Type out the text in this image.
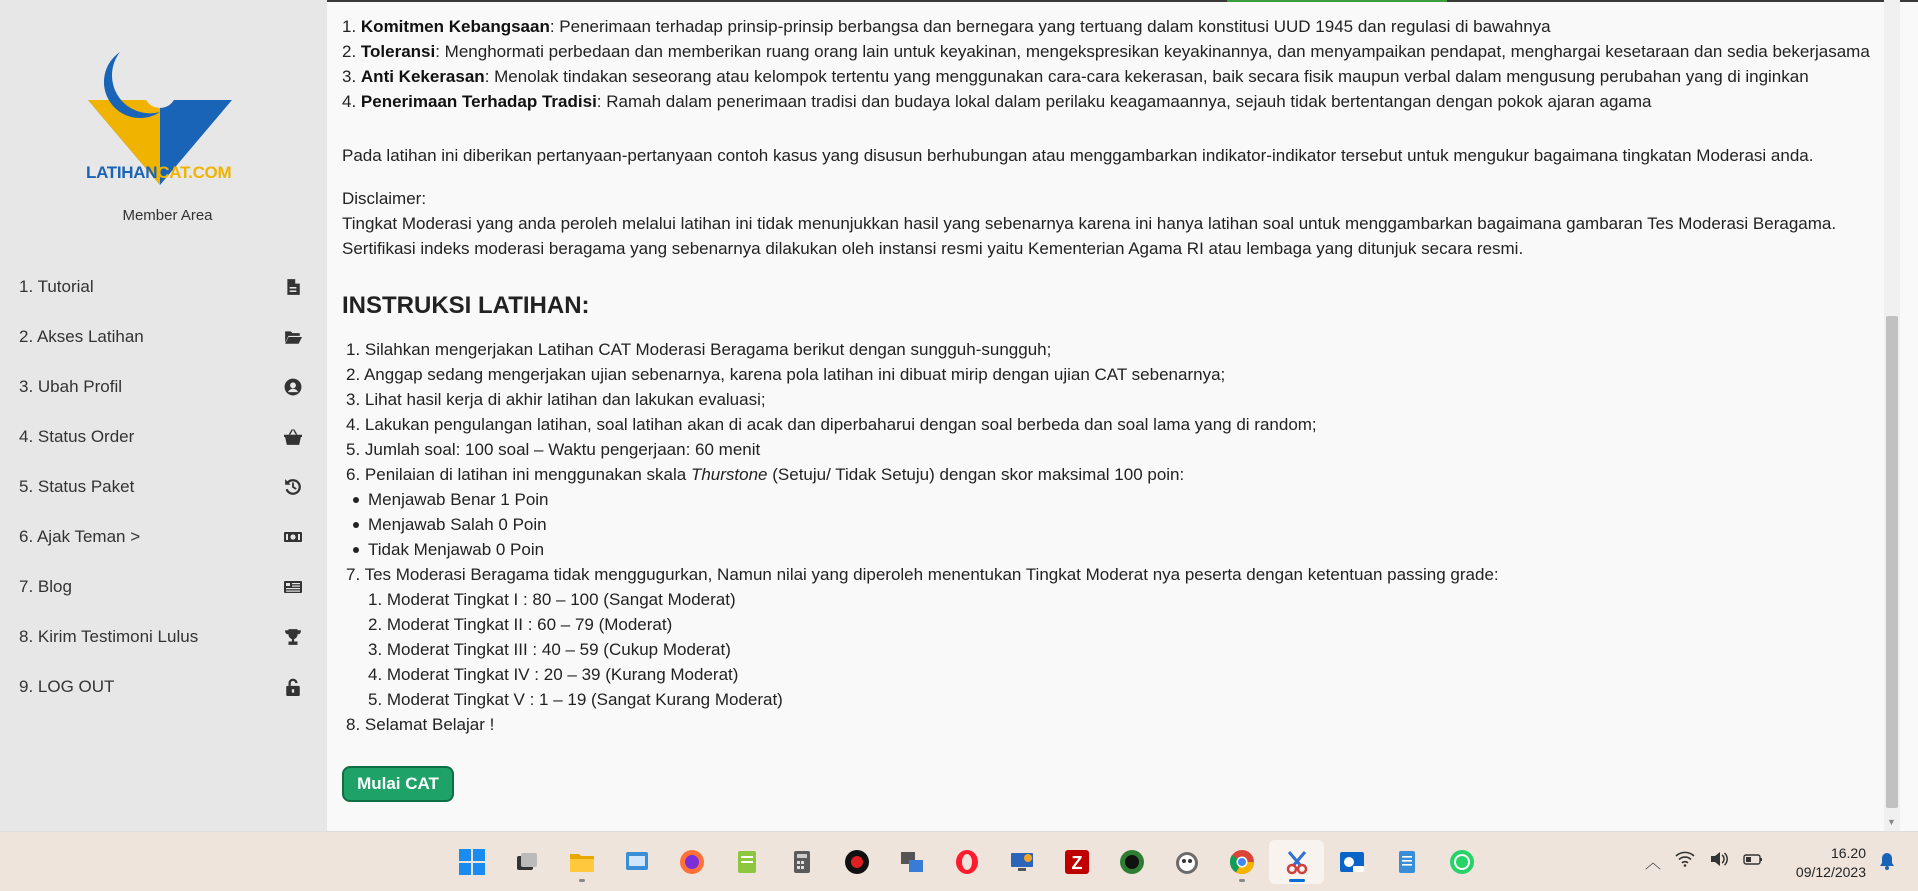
LATIHANCAT.COM
Member Area
1. Tutorial
2. Akses Latihan
3. Ubah Profil
4. Status Order
5. Status Paket
6. Ajak Teman >
7. Blog
8. Kirim Testimoni Lulus
9. LOG OUT
1. Komitmen Kebangsaan: Penerimaan terhadap prinsip-prinsip berbangsa dan bernegara yang tertuang dalam konstitusi UUD 1945 dan regulasi di bawahnya
2. Toleransi: Menghormati perbedaan dan memberikan ruang orang lain untuk keyakinan, mengekspresikan keyakinannya, dan menyampaikan pendapat, menghargai kesetaraan dan sedia bekerjasama
3. Anti Kekerasan: Menolak tindakan seseorang atau kelompok tertentu yang menggunakan cara-cara kekerasan, baik secara fisik maupun verbal dalam mengusung perubahan yang di inginkan
4. Penerimaan Terhadap Tradisi: Ramah dalam penerimaan tradisi dan budaya lokal dalam perilaku keagamaannya, sejauh tidak bertentangan dengan pokok ajaran agama
Pada latihan ini diberikan pertanyaan-pertanyaan contoh kasus yang disusun berhubungan atau menggambarkan indikator-indikator tersebut untuk mengukur bagaimana tingkatan Moderasi anda.
Disclaimer:
Tingkat Moderasi yang anda peroleh melalui latihan ini tidak menunjukkan hasil yang sebenarnya karena ini hanya latihan soal untuk menggambarkan bagaimana gambaran Tes Moderasi Beragama.
Sertifikasi indeks moderasi beragama yang sebenarnya dilakukan oleh instansi resmi yaitu Kementerian Agama RI atau lembaga yang ditunjuk secara resmi.
INSTRUKSI LATIHAN:
1. Silahkan mengerjakan Latihan CAT Moderasi Beragama berikut dengan sungguh-sungguh;
2. Anggap sedang mengerjakan ujian sebenarnya, karena pola latihan ini dibuat mirip dengan ujian CAT sebenarnya;
3. Lihat hasil kerja di akhir latihan dan lakukan evaluasi;
4. Lakukan pengulangan latihan, soal latihan akan di acak dan diperbaharui dengan soal berbeda dan soal lama yang di random;
5. Jumlah soal: 100 soal – Waktu pengerjaan: 60 menit
6. Penilaian di latihan ini menggunakan skala Thurstone (Setuju/ Tidak Setuju) dengan skor maksimal 100 poin:
Menjawab Benar 1 Poin
Menjawab Salah 0 Poin
Tidak Menjawab 0 Poin
7. Tes Moderasi Beragama tidak menggugurkan, Namun nilai yang diperoleh menentukan Tingkat Moderat nya peserta dengan ketentuan passing grade:
1. Moderat Tingkat I : 80 – 100 (Sangat Moderat)
2. Moderat Tingkat II : 60 – 79 (Moderat)
3. Moderat Tingkat III : 40 – 59 (Cukup Moderat)
4. Moderat Tingkat IV : 20 – 39 (Kurang Moderat)
5. Moderat Tingkat V : 1 – 19 (Sangat Kurang Moderat)
8. Selamat Belajar !
Mulai CAT
▼
Z	︿
16.20
09/12/2023
